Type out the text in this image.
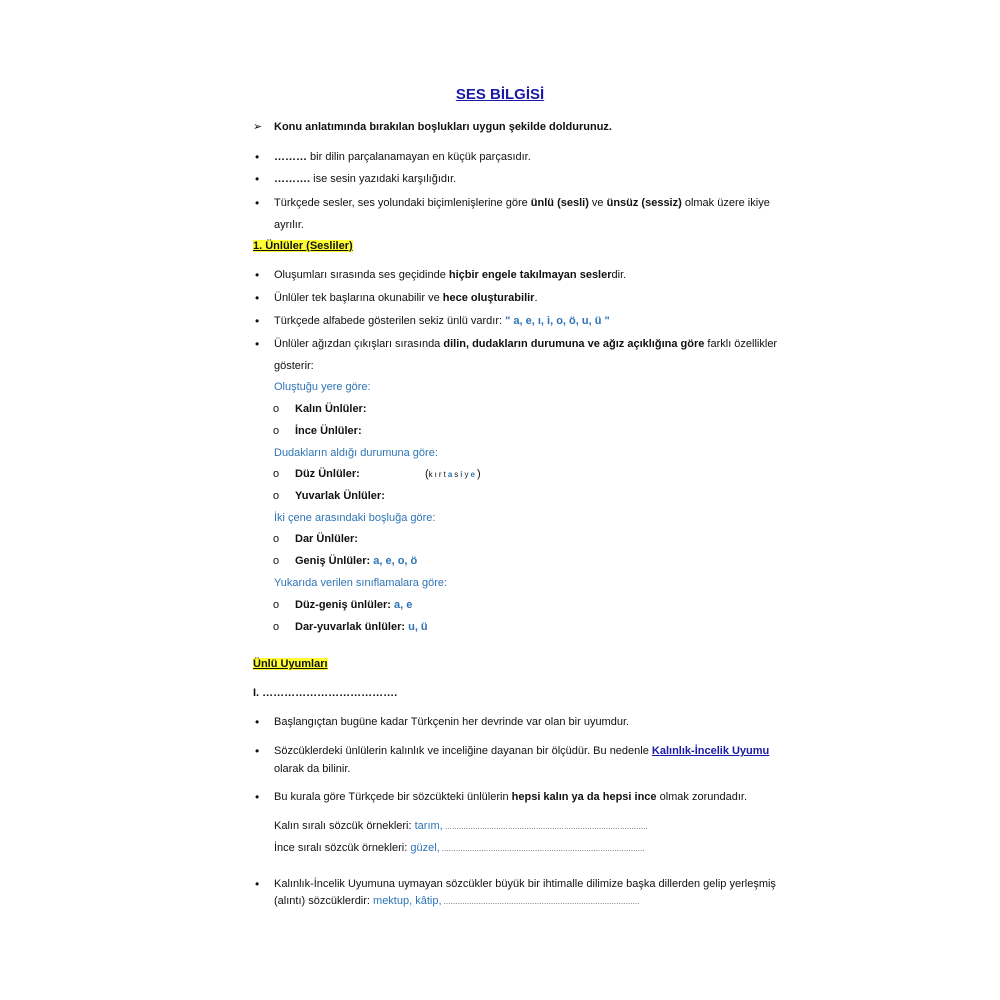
SES BİLGİSİ
➢ Konu anlatımında bırakılan boşlukları uygun şekilde doldurunuz.
• ……… bir dilin parçalanamayan en küçük parçasıdır.
• ………. ise sesin yazıdaki karşılığıdır.
• Türkçede sesler, ses yolundaki biçimlenişlerine göre ünlü (sesli) ve ünsüz (sessiz) olmak üzere ikiye
ayrılır.
1. Ünlüler (Sesliler)
• Oluşumları sırasında ses geçidinde hiçbir engele takılmayan seslerdir.
• Ünlüler tek başlarına okunabilir ve hece oluşturabilir.
• Türkçede alfabede gösterilen sekiz ünlü vardır: " a, e, ı, i, o, ö, u, ü "
• Ünlüler ağızdan çıkışları sırasında dilin, dudakların durumuna ve ağız açıklığına göre farklı özellikler
gösterir:
Oluştuğu yere göre:
o Kalın Ünlüler:
o İnce Ünlüler:
Dudakların aldığı durumuna göre:
o Düz Ünlüler:	(kırtasiye)
o Yuvarlak Ünlüler:
İki çene arasındaki boşluğa göre:
o Dar Ünlüler:
o Geniş Ünlüler: a, e, o, ö
Yukarıda verilen sınıflamalara göre:
o Düz-geniş ünlüler: a, e
o Dar-yuvarlak ünlüler: u, ü
Ünlü Uyumları
I. ……………………………….
• Başlangıçtan bugüne kadar Türkçenin her devrinde var olan bir uyumdur.
• Sözcüklerdeki ünlülerin kalınlık ve inceliğine dayanan bir ölçüdür. Bu nedenle Kalınlık-İncelik Uyumu
olarak da bilinir.
• Bu kurala göre Türkçede bir sözcükteki ünlülerin hepsi kalın ya da hepsi ince olmak zorundadır.
Kalın sıralı sözcük örnekleri: tarım, ……………………………………………………………………………
İnce sıralı sözcük örnekleri: güzel, ……………………………………………………………………………
• Kalınlık-İncelik Uyumuna uymayan sözcükler büyük bir ihtimalle dilimize başka dillerden gelip yerleşmiş
(alıntı) sözcüklerdir: mektup, kâtip, …………………………………………………………………………
